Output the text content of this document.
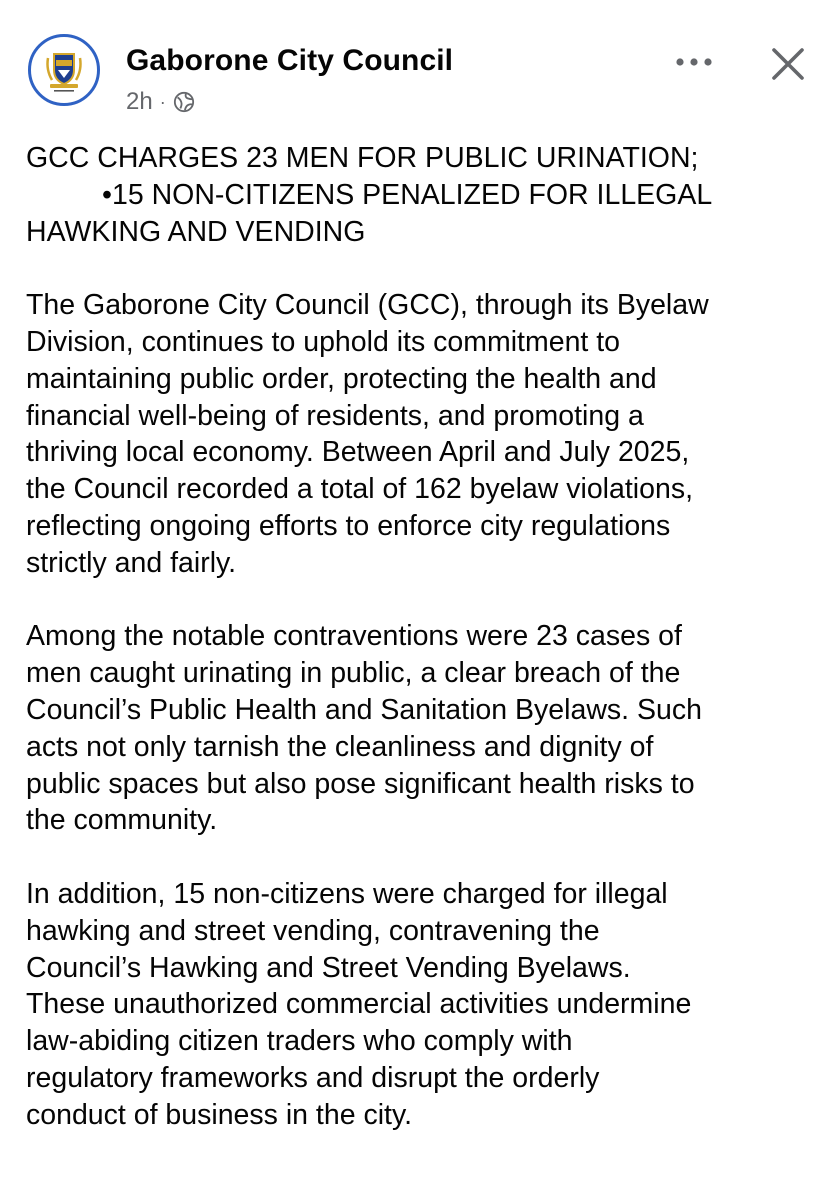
Gaborone City Council
2h ·

GCC CHARGES 23 MEN FOR PUBLIC URINATION;
•15 NON-CITIZENS PENALIZED FOR ILLEGAL
HAWKING AND VENDING

The Gaborone City Council (GCC), through its Byelaw
Division, continues to uphold its commitment to
maintaining public order, protecting the health and
financial well-being of residents, and promoting a
thriving local economy. Between April and July 2025,
the Council recorded a total of 162 byelaw violations,
reflecting ongoing efforts to enforce city regulations
strictly and fairly.

Among the notable contraventions were 23 cases of
men caught urinating in public, a clear breach of the
Council’s Public Health and Sanitation Byelaws. Such
acts not only tarnish the cleanliness and dignity of
public spaces but also pose significant health risks to
the community.

In addition, 15 non-citizens were charged for illegal
hawking and street vending, contravening the
Council’s Hawking and Street Vending Byelaws.
These unauthorized commercial activities undermine
law-abiding citizen traders who comply with
regulatory frameworks and disrupt the orderly
conduct of business in the city.
